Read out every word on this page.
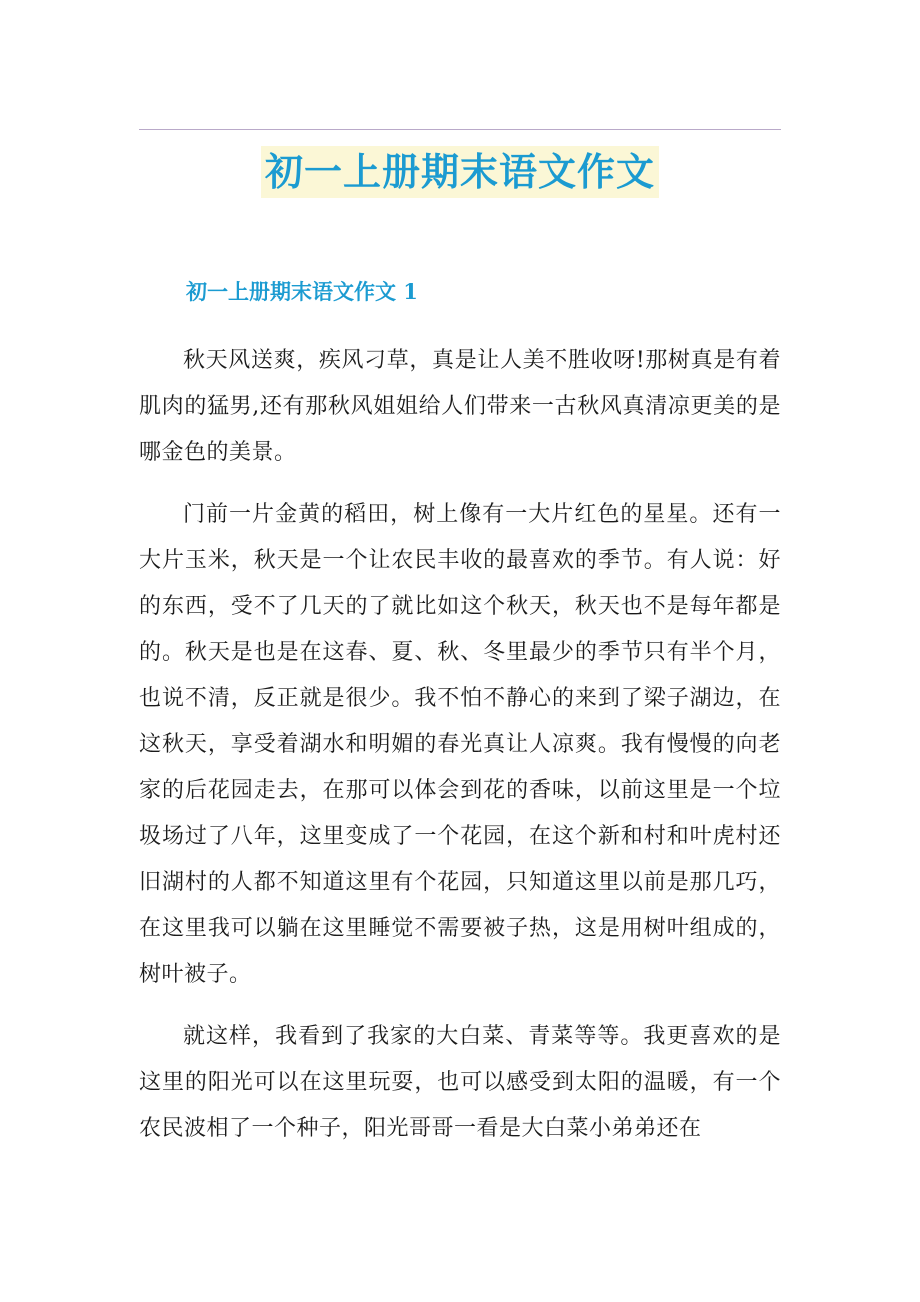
初一上册期末语文作文
初一上册期末语文作文 1

秋天风送爽，疾风刁草，真是让人美不胜收呀!那树真是有着肌肉的猛男,还有那秋风姐姐给人们带来一古秋风真清凉更美的是哪金色的美景。

门前一片金黄的稻田，树上像有一大片红色的星星。还有一大片玉米，秋天是一个让农民丰收的最喜欢的季节。有人说：好的东西，受不了几天的了就比如这个秋天，秋天也不是每年都是的。秋天是也是在这春、夏、秋、冬里最少的季节只有半个月，也说不清，反正就是很少。我不怕不静心的来到了梁子湖边，在这秋天，享受着湖水和明媚的春光真让人凉爽。我有慢慢的向老家的后花园走去，在那可以体会到花的香味，以前这里是一个垃圾场过了八年，这里变成了一个花园，在这个新和村和叶虎村还旧湖村的人都不知道这里有个花园，只知道这里以前是那几巧，在这里我可以躺在这里睡觉不需要被子热，这是用树叶组成的，树叶被子。

就这样，我看到了我家的大白菜、青菜等等。我更喜欢的是这里的阳光可以在这里玩耍，也可以感受到太阳的温暖，有一个农民波相了一个种子，阳光哥哥一看是大白菜小弟弟还在
